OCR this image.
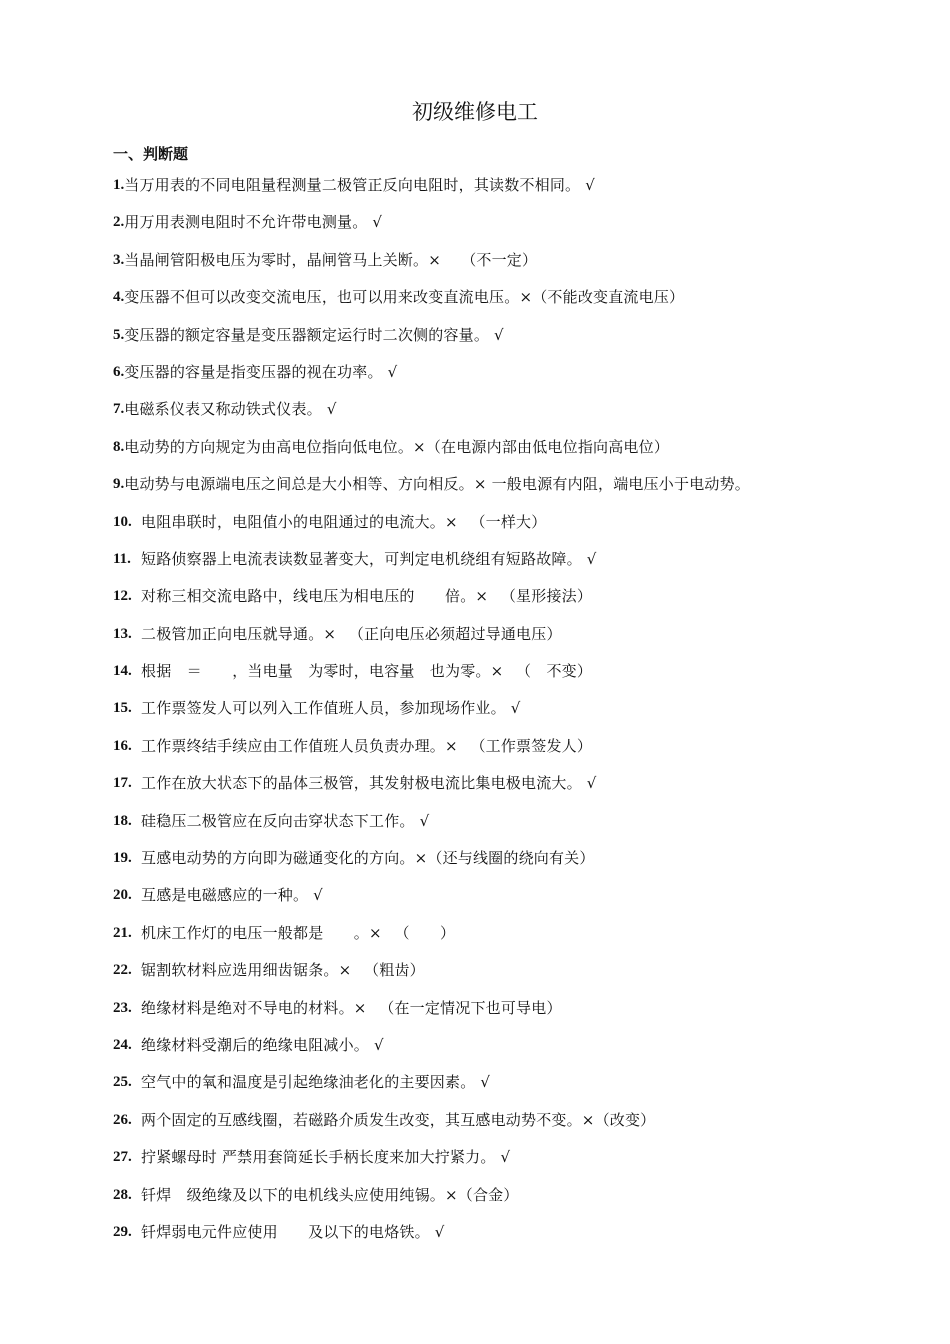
初级维修电工
一、判断题
1. 当万用表的不同电阻量程测量二极管正反向电阻时，其读数不相同。 √
2. 用万用表测电阻时不允许带电测量。 √
3. 当晶闸管阳极电压为零时，晶闸管马上关断。×　 （不一定）
4. 变压器不但可以改变交流电压，也可以用来改变直流电压。×（不能改变直流电压）
5. 变压器的额定容量是变压器额定运行时二次侧的容量。 √
6. 变压器的容量是指变压器的视在功率。 √
7. 电磁系仪表又称动铁式仪表。 √
8. 电动势的方向规定为由高电位指向低电位。×（在电源内部由低电位指向高电位）
9. 电动势与电源端电压之间总是大小相等、方向相反。× 一般电源有内阻，端电压小于电动势。
10. 电阻串联时，电阻值小的电阻通过的电流大。× 　（一样大）
11. 短路侦察器上电流表读数显著变大，可判定电机绕组有短路故障。 √
12. 对称三相交流电路中，线电压为相电压的　　倍。× 　（星形接法）
13. 二极管加正向电压就导通。× 　（正向电压必须超过导通电压）
14. 根据　＝　　，当电量　为零时，电容量　也为零。× 　（　不变）
15. 工作票签发人可以列入工作值班人员，参加现场作业。 √
16. 工作票终结手续应由工作值班人员负责办理。× 　（工作票签发人）
17. 工作在放大状态下的晶体三极管，其发射极电流比集电极电流大。 √
18. 硅稳压二极管应在反向击穿状态下工作。 √
19. 互感电动势的方向即为磁通变化的方向。×（还与线圈的绕向有关）
20. 互感是电磁感应的一种。 √
21. 机床工作灯的电压一般都是　　。× 　（　　）
22. 锯割软材料应选用细齿锯条。× 　（粗齿）
23. 绝缘材料是绝对不导电的材料。× 　（在一定情况下也可导电）
24. 绝缘材料受潮后的绝缘电阻减小。 √
25. 空气中的氧和温度是引起绝缘油老化的主要因素。 √
26. 两个固定的互感线圈，若磁路介质发生改变，其互感电动势不变。×（改变）
27. 拧紧螺母时 严禁用套筒延长手柄长度来加大拧紧力。 √
28. 钎焊　级绝缘及以下的电机线头应使用纯锡。×（合金）
29. 钎焊弱电元件应使用　　及以下的电烙铁。 √
